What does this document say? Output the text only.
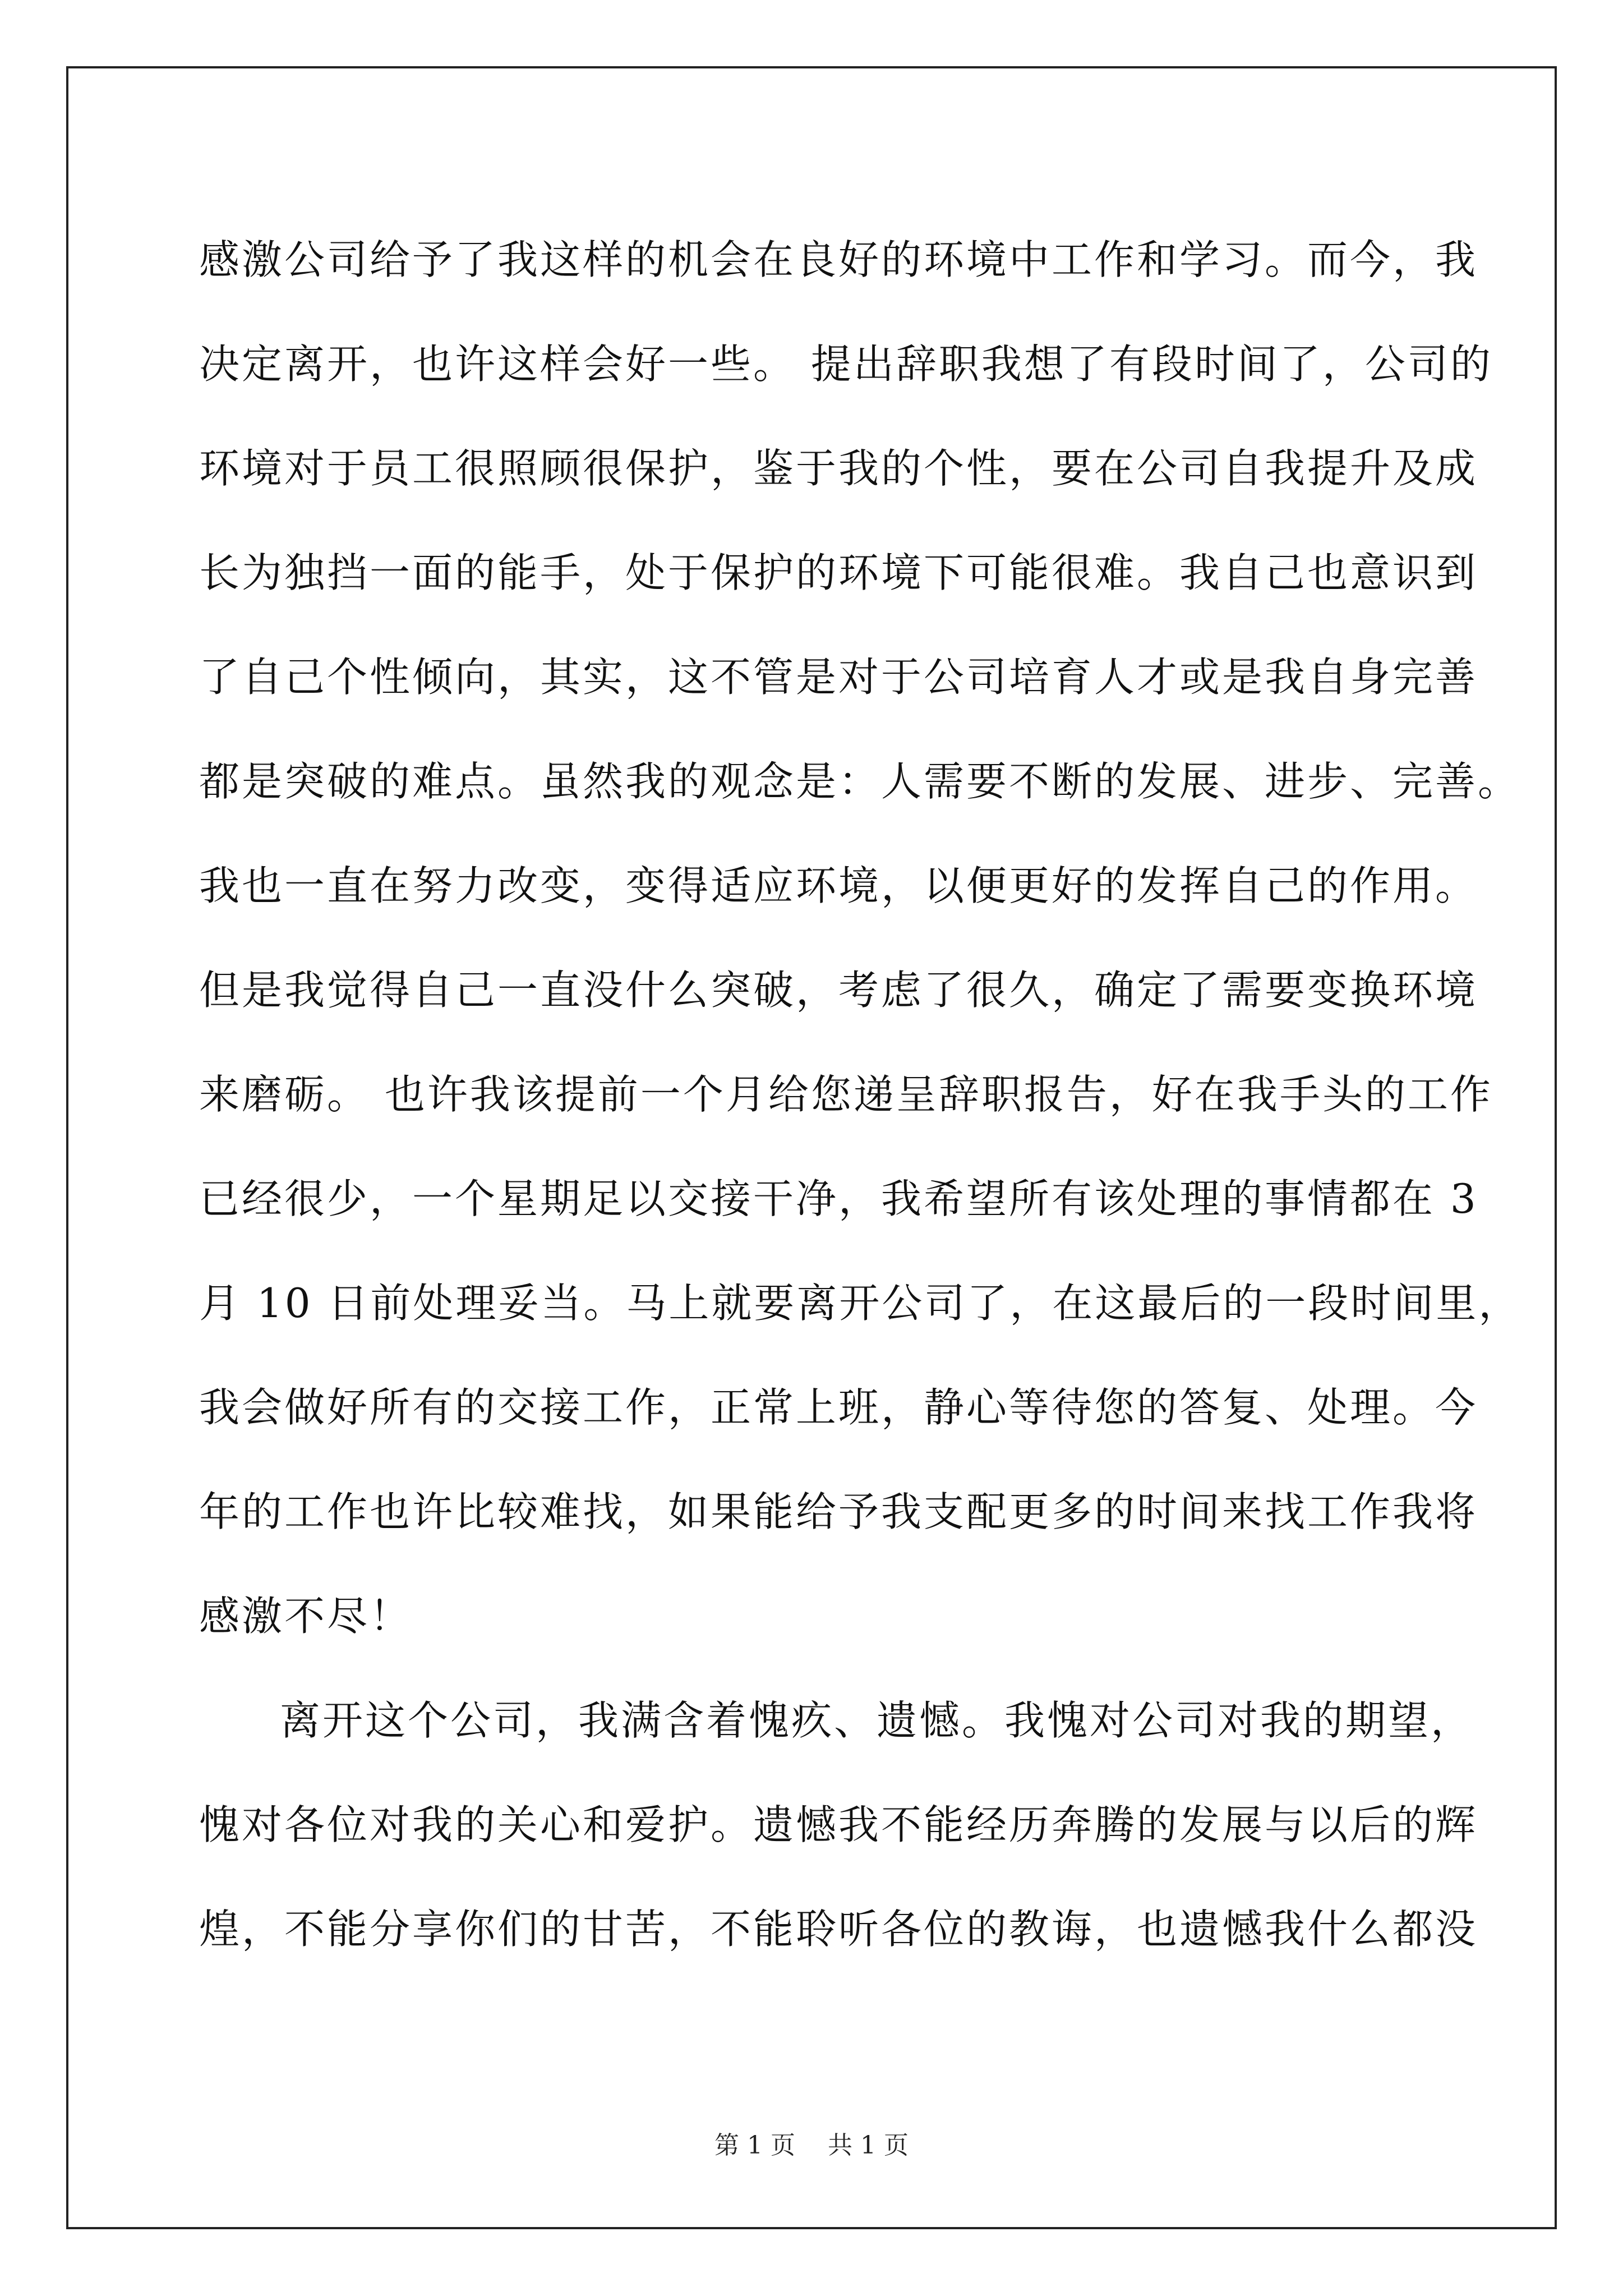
感激公司给予了我这样的机会在良好的环境中工作和学习。而今，我
决定离开，也许这样会好一些。 提出辞职我想了有段时间了，公司的
环境对于员工很照顾很保护，鉴于我的个性，要在公司自我提升及成
长为独挡一面的能手，处于保护的环境下可能很难。我自己也意识到
了自己个性倾向，其实，这不管是对于公司培育人才或是我自身完善
都是突破的难点。虽然我的观念是：人需要不断的发展、进步、完善。
我也一直在努力改变，变得适应环境，以便更好的发挥自己的作用。
但是我觉得自己一直没什么突破，考虑了很久，确定了需要变换环境
来磨砺。 也许我该提前一个月给您递呈辞职报告，好在我手头的工作
已经很少，一个星期足以交接干净，我希望所有该处理的事情都在 3
月 10 日前处理妥当。马上就要离开公司了，在这最后的一段时间里，
我会做好所有的交接工作，正常上班，静心等待您的答复、处理。今
年的工作也许比较难找，如果能给予我支配更多的时间来找工作我将
感激不尽！
离开这个公司，我满含着愧疚、遗憾。我愧对公司对我的期望，
愧对各位对我的关心和爱护。遗憾我不能经历奔腾的发展与以后的辉
煌，不能分享你们的甘苦，不能聆听各位的教诲，也遗憾我什么都没
第 1 页 共 1 页
